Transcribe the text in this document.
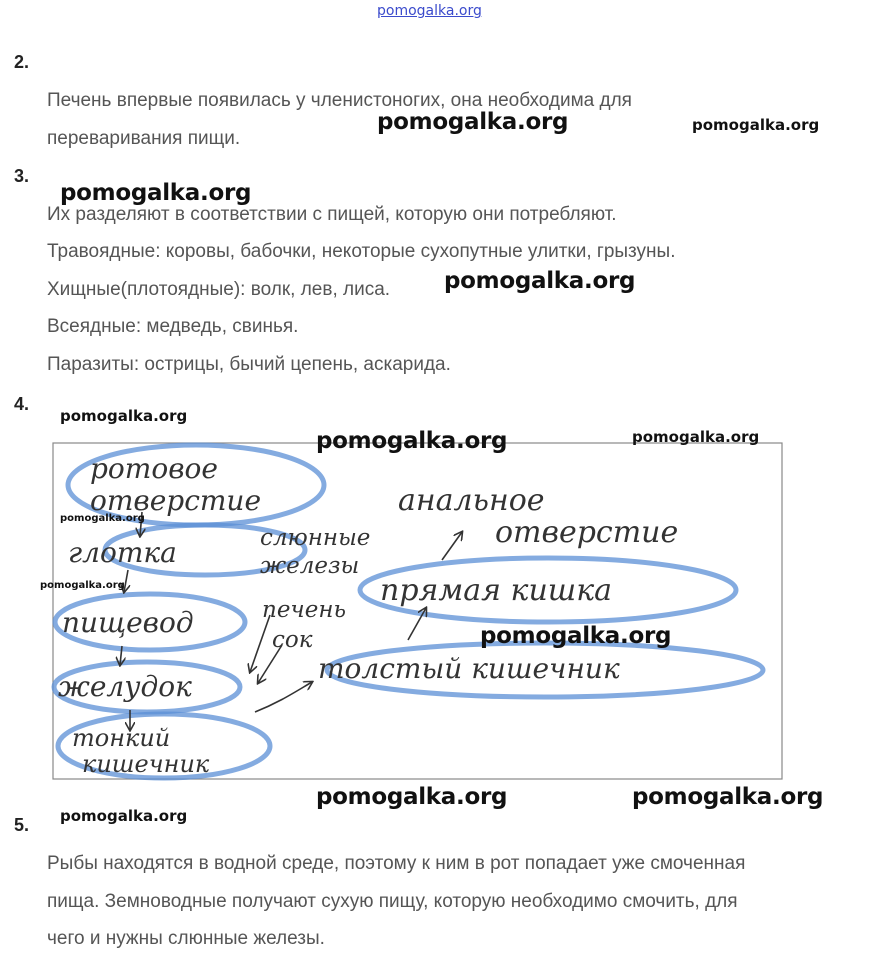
pomogalka.org
2.
Печень впервые появилась у членистоногих, она необходима для
переваривания пищи.
3.
Их разделяют в соответствии с пищей, которую они потребляют.
Травоядные: коровы, бабочки, некоторые сухопутные улитки, грызуны.
Хищные(плотоядные): волк, лев, лиса.
Всеядные: медведь, свинья.
Паразиты: острицы, бычий цепень, аскарида.
4.
ротовое
отверстие
глотка
пищевод
желудок
тонкий
кишечник
слюнные
железы
печень
сок
анальное
отверстие
прямая кишка
толстый кишечник
5.
Рыбы находятся в водной среде, поэтому к ним в рот попадает уже смоченная
пища. Земноводные получают сухую пищу, которую необходимо смочить, для
чего и нужны слюнные железы.
pomogalka.org	pomogalka.org
pomogalka.org
pomogalka.org
pomogalka.org
pomogalka.org	pomogalka.org
pomogalka.org
pomogalka.org
pomogalka.org
pomogalka.org	pomogalka.org
pomogalka.org
